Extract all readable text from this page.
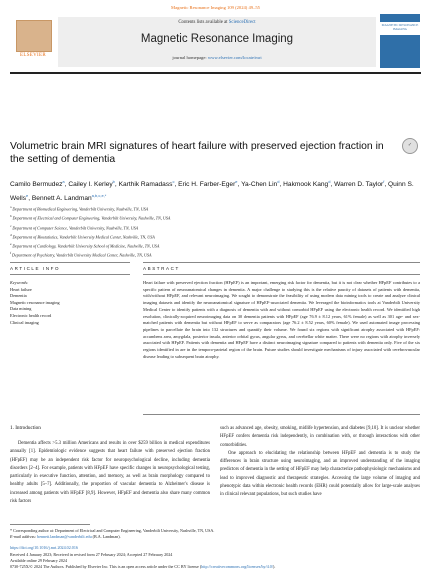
Magnetic Resonance Imaging 109 (2024) 49–55
ELSEVIER
Contents lists available at ScienceDirect
Magnetic Resonance Imaging
journal homepage: www.elsevier.com/locate/mri
MAGNETIC RESONANCE IMAGING
✓
Volumetric brain MRI signatures of heart failure with preserved ejection fraction in the setting of dementia
Camilo Bermudez$^a$, Cailey I. Kerley$^b$, Karthik Ramadass$^c$, Eric H. Farber-Eger$^e$, Ya-Chen Lin$^d$, Hakmook Kang$^d$, Warren D. Taylor$^f$, Quinn S. Wells$^e$, Bennett A. Landman$^{a,b,c,e,*}$
$^a$ Department of Biomedical Engineering, Vanderbilt University, Nashville, TN, USA
$^b$ Department of Electrical and Computer Engineering, Vanderbilt University, Nashville, TN, USA
$^c$ Department of Computer Science, Vanderbilt University, Nashville, TN, USA
$^d$ Department of Biostatistics, Vanderbilt University Medical Center, Nashville, TN, USA
$^e$ Department of Cardiology, Vanderbilt University School of Medicine, Nashville, TN, USA
$^f$ Department of Psychiatry, Vanderbilt University Medical Center, Nashville, TN, USA
ARTICLE INFO	ABSTRACT
Keywords:
Heart failure
Dementia
Magnetic resonance imaging
Data mining
Electronic health record
Clinical imaging
Heart failure with preserved ejection fraction (HFpEF) is an important, emerging risk factor for dementia, but it is not clear whether HFpEF contributes to a specific pattern of neuroanatomical changes in dementia. A major challenge to studying this is the relative paucity of datasets of patients with dementia, with/without HFpEF, and relevant neuroimaging. We sought to demonstrate the feasibility of using modern data mining tools to create and analyze clinical imaging datasets and identify the neuroanatomical signature of HFpEF-associated dementia. We leveraged the bioinformatics tools at Vanderbilt University Medical Center to identify patients with a diagnosis of dementia with and without comorbid HFpEF using the electronic health record. We identified high resolution, clinically-acquired neuroimaging data on 30 dementia patients with HFpEF (age 76.9 ± 8.12 years, 61% female) as well as 301 age- and sex-matched patients with dementia but without HFpEF to serve as comparators (age 76.2 ± 8.52 years, 60% female). We used automated image processing pipelines to parcellate the brain into 132 structures and quantify their volume. We found six regions with significant atrophy associated with HFpEF: accumbens area, amygdala, posterior insula, anterior orbital gyrus, angular gyrus, and cerebellar white matter. There were no regions with atrophy inversely associated with HFpEF. Patients with dementia and HFpEF have a distinct neuroimaging signature compared to patients with dementia only. Five of the six regions identified in are in the temporo-parietal region of the brain. Future studies should investigate mechanisms of injury associated with cerebrovascular disease leading to subsequent brain atrophy.
1. Introduction
Dementia affects >5.3 million Americans and results in over $259 billion in medical expenditures annually [1]. Epidemiologic evidence suggests that heart failure with preserved ejection fraction (HFpEF) may be an independent risk factor for neuropsychological decline, including dementia disorders [2–4]. For example, patients with HFpEF have specific changes in neuropsychological testing, particularly in executive function, attention, and memory, as well as brain morphology compared to healthy adults [5–7]. Additionally, the proportion of vascular dementia to Alzheimer's disease is increased among patients with HFpEF [8,9]. However, HFpEF and dementia also share many common risk factors
such as advanced age, obesity, smoking, midlife hypertension, and diabetes [9,10]. It is unclear whether HFpEF confers dementia risk independently, in combination with, or through interactions with other comorbidities.
One approach to elucidating the relationship between HFpEF and dementia is to study the differences in brain structure using neuroimaging, and an improved understanding of the imaging predictors of dementia in the setting of HFpEF may help characterize pathophysiologic mechanisms and lead to improved diagnostic and therapeutic strategies. Accessing the large volume of imaging and phenotypic data within electronic health records (EHR) could potentially allow for large-scale analyses in clinical relevant populations, but such studies have
* Corresponding author at: Department of Electrical and Computer Engineering, Vanderbilt University, Nashville, TN, USA.
E-mail address: bennett.landman@vanderbilt.edu (B.A. Landman).
https://doi.org/10.1016/j.mri.2024.02.016
Received 4 January 2023; Received in revised form 27 February 2024; Accepted 27 February 2024
Available online 29 February 2024
0730-725X/© 2024 The Authors. Published by Elsevier Inc. This is an open access article under the CC BY license (http://creativecommons.org/licenses/by/4.0/).
